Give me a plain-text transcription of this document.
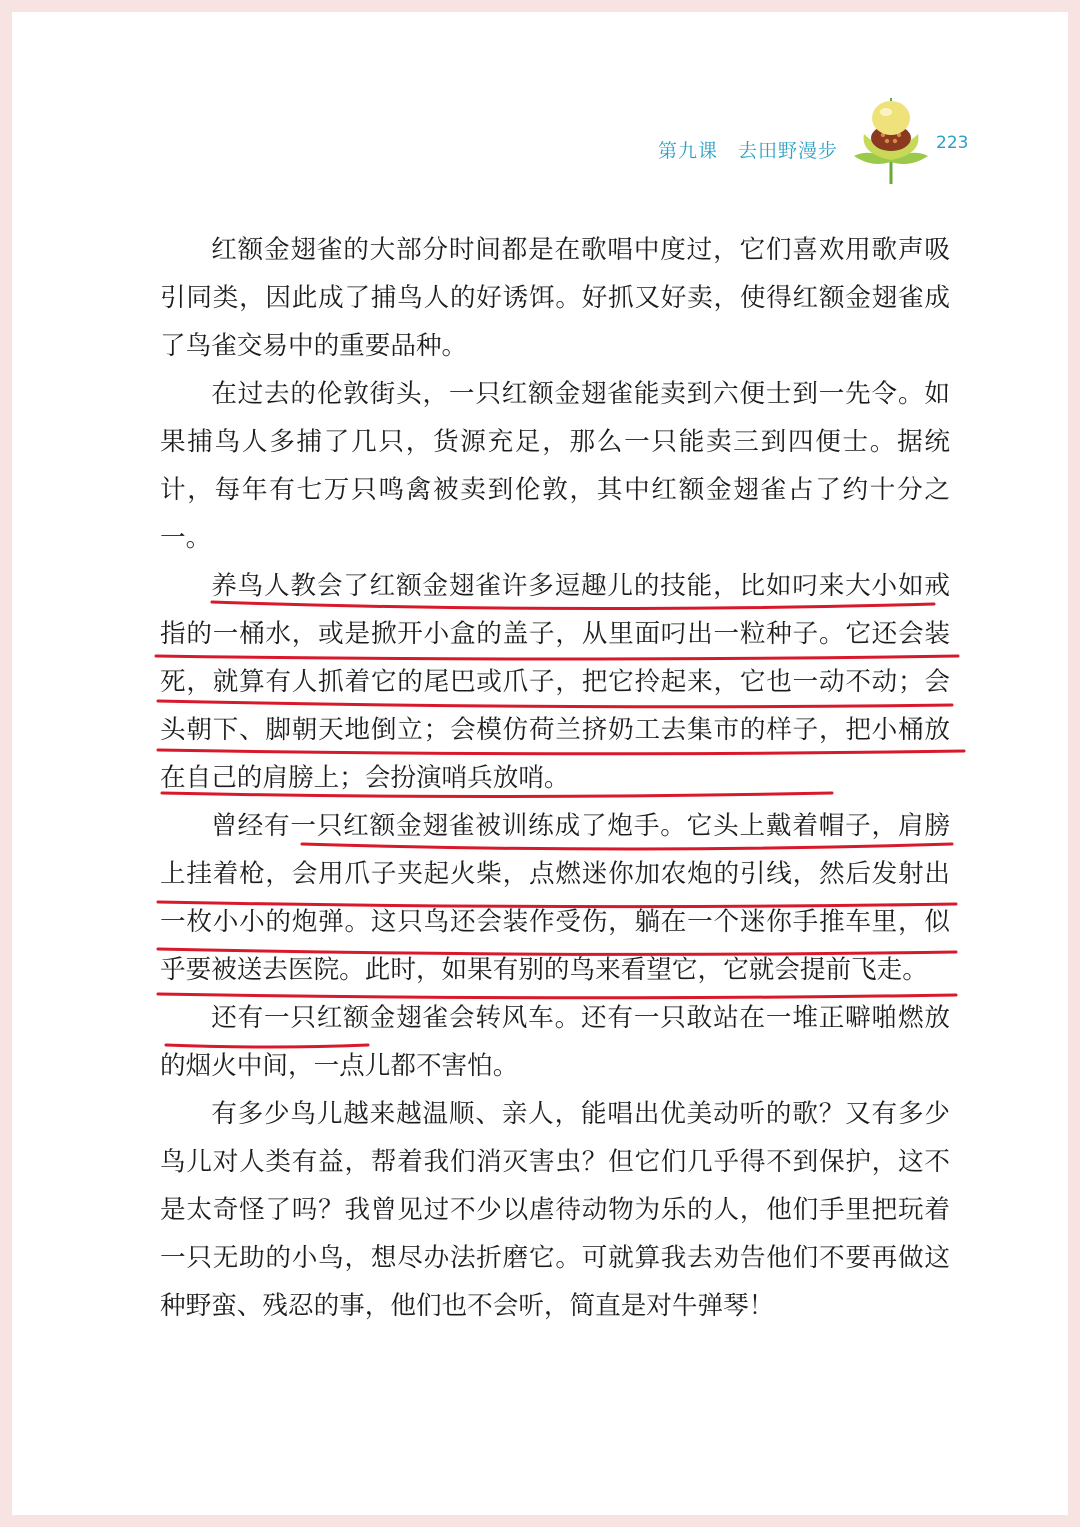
第九课 去田野漫步	223

红额金翅雀的大部分时间都是在歌唱中度过，它们喜欢用歌声吸引同类，因此成了捕鸟人的好诱饵。好抓又好卖，使得红额金翅雀成了鸟雀交易中的重要品种。

在过去的伦敦街头，一只红额金翅雀能卖到六便士到一先令。如果捕鸟人多捕了几只，货源充足，那么一只能卖三到四便士。据统计，每年有七万只鸣禽被卖到伦敦，其中红额金翅雀占了约十分之一。

养鸟人教会了红额金翅雀许多逗趣儿的技能，比如叼来大小如戒指的一桶水，或是掀开小盒的盖子，从里面叼出一粒种子。它还会装死，就算有人抓着它的尾巴或爪子，把它拎起来，它也一动不动；会头朝下、脚朝天地倒立；会模仿荷兰挤奶工去集市的样子，把小桶放在自己的肩膀上；会扮演哨兵放哨。

曾经有一只红额金翅雀被训练成了炮手。它头上戴着帽子，肩膀上挂着枪，会用爪子夹起火柴，点燃迷你加农炮的引线，然后发射出一枚小小的炮弹。这只鸟还会装作受伤，躺在一个迷你手推车里，似乎要被送去医院。此时，如果有别的鸟来看望它，它就会提前飞走。

还有一只红额金翅雀会转风车。还有一只敢站在一堆正噼啪燃放的烟火中间，一点儿都不害怕。

有多少鸟儿越来越温顺、亲人，能唱出优美动听的歌？又有多少鸟儿对人类有益，帮着我们消灭害虫？但它们几乎得不到保护，这不是太奇怪了吗？我曾见过不少以虐待动物为乐的人，他们手里把玩着一只无助的小鸟，想尽办法折磨它。可就算我去劝告他们不要再做这种野蛮、残忍的事，他们也不会听，简直是对牛弹琴！
